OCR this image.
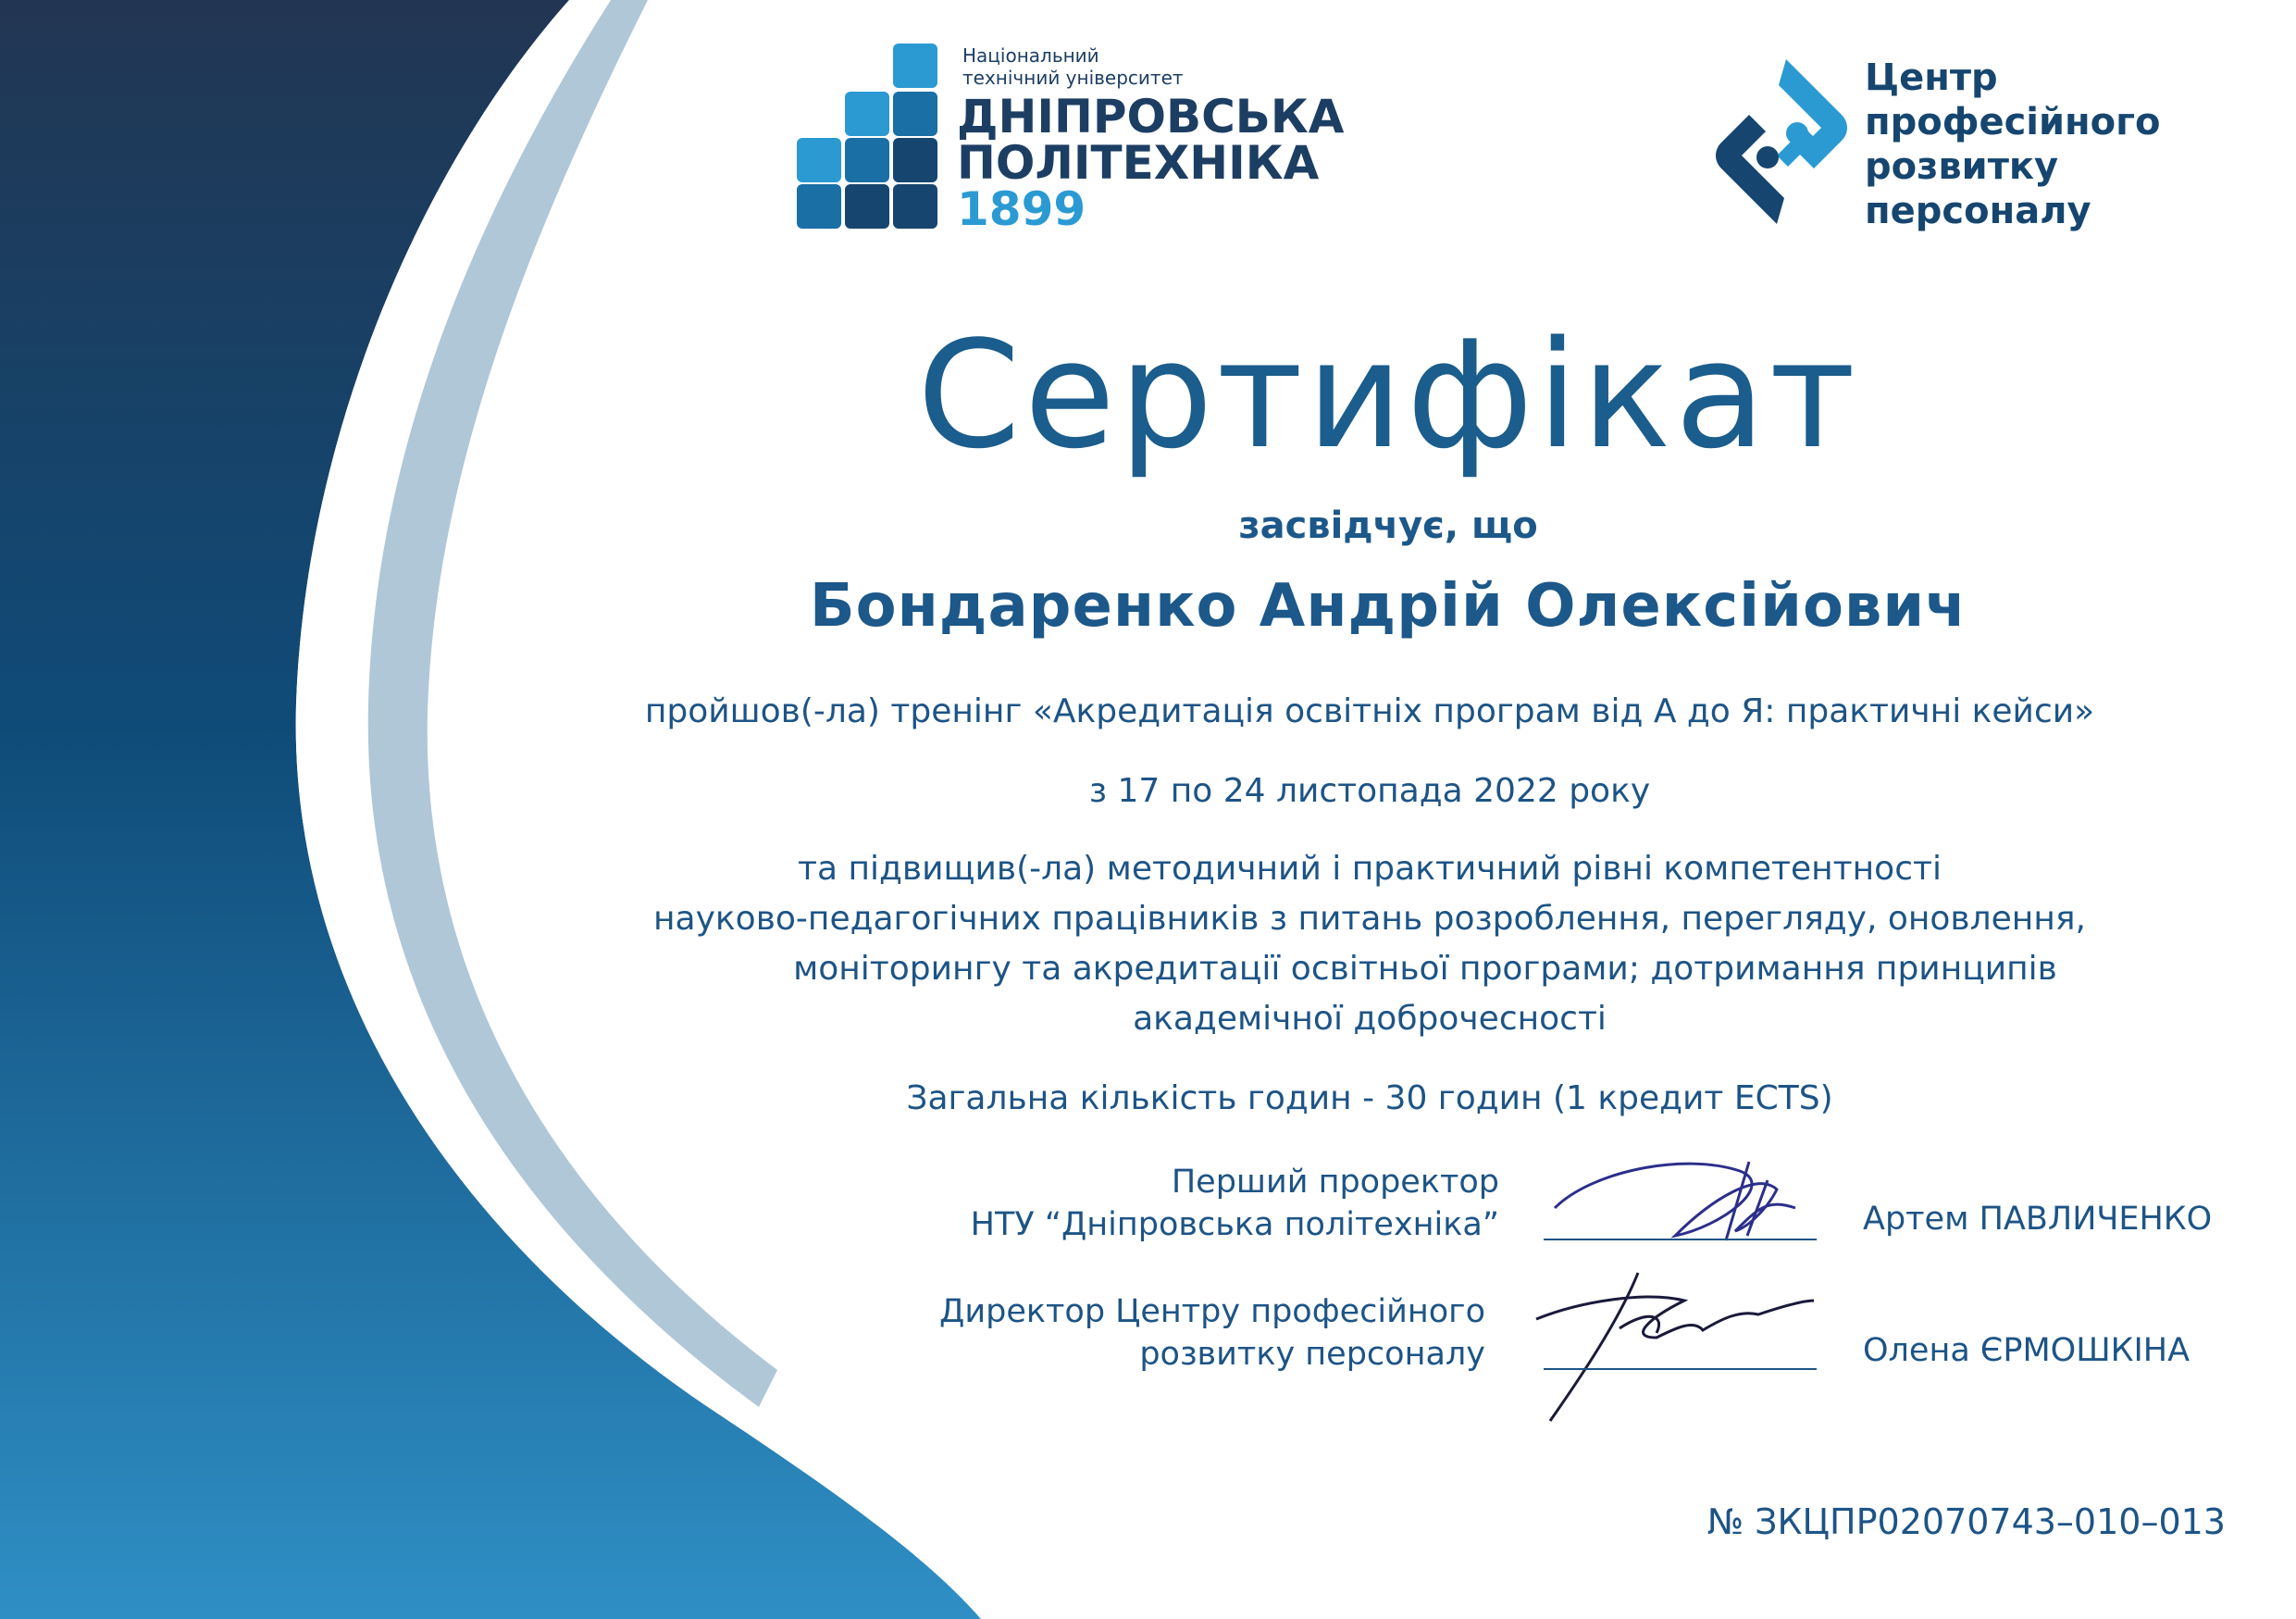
Національний
технічний університет
ДНІПРОВСЬКА
ПОЛІТЕХНІКА
1899
Центр
професійного
розвитку
персоналу
Сертифікат
засвідчує, що
Бондаренко Андрій Олексійович
пройшов(-ла) тренінг «Акредитація освітніх програм від А до Я: практичні кейси»
з 17 по 24 листопада 2022 року
та підвищив(-ла) методичний і практичний рівні компетентності
науково-педагогічних працівників з питань розроблення, перегляду, оновлення,
моніторингу та акредитації освітньої програми; дотримання принципів
академічної доброчесності
Загальна кількість годин - 30 годин (1 кредит ECTS)
Перший проректор
НТУ “Дніпровська політехніка”	Артем ПАВЛИЧЕНКО
Директор Центру професійного
розвитку персоналу	Олена ЄРМОШКІНА
№ ЗКЦПР02070743–010–013
